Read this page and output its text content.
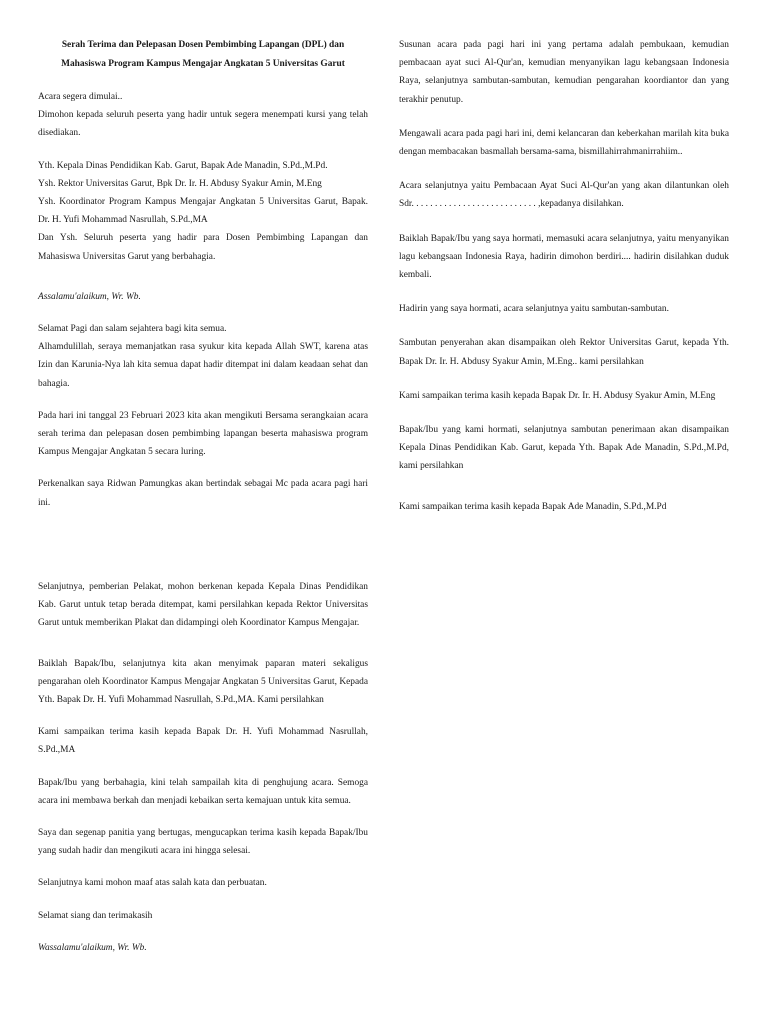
Serah Terima dan Pelepasan Dosen Pembimbing Lapangan (DPL) dan Mahasiswa Program Kampus Mengajar Angkatan 5 Universitas Garut

Acara segera dimulai..

Dimohon kepada seluruh peserta yang hadir untuk segera menempati kursi yang telah disediakan.

Yth. Kepala Dinas Pendidikan Kab. Garut, Bapak Ade Manadin, S.Pd.,M.Pd.

Ysh. Rektor Universitas Garut, Bpk Dr. Ir. H. Abdusy Syakur Amin, M.Eng

Ysh. Koordinator Program Kampus Mengajar Angkatan 5 Universitas Garut, Bapak. Dr. H. Yufi Mohammad Nasrullah, S.Pd.,MA

Dan Ysh. Seluruh peserta yang hadir para Dosen Pembimbing Lapangan dan Mahasiswa Universitas Garut yang berbahagia.

Assalamu'alaikum, Wr. Wb.

Selamat Pagi dan salam sejahtera bagi kita semua.

Alhamdulillah, seraya memanjatkan rasa syukur kita kepada Allah SWT, karena atas Izin dan Karunia-Nya lah kita semua dapat hadir ditempat ini dalam keadaan sehat dan bahagia.

Pada hari ini tanggal 23 Februari 2023 kita akan mengikuti Bersama serangkaian acara serah terima dan pelepasan dosen pembimbing lapangan beserta mahasiswa program Kampus Mengajar Angkatan 5 secara luring.

Perkenalkan saya Ridwan Pamungkas akan bertindak sebagai Mc pada acara pagi hari ini.

Selanjutnya, pemberian Pelakat, mohon berkenan kepada Kepala Dinas Pendidikan Kab. Garut untuk tetap berada ditempat, kami persilahkan kepada Rektor Universitas Garut untuk memberikan Plakat dan didampingi oleh Koordinator Kampus Mengajar.

Baiklah Bapak/Ibu, selanjutnya kita akan menyimak paparan materi sekaligus pengarahan oleh Koordinator Kampus Mengajar Angkatan 5 Universitas Garut, Kepada Yth. Bapak Dr. H. Yufi Mohammad Nasrullah, S.Pd.,MA. Kami persilahkan

Kami sampaikan terima kasih kepada Bapak Dr. H. Yufi Mohammad Nasrullah, S.Pd.,MA

Bapak/Ibu yang berbahagia, kini telah sampailah kita di penghujung acara. Semoga acara ini membawa berkah dan menjadi kebaikan serta kemajuan untuk kita semua.

Saya dan segenap panitia yang bertugas, mengucapkan terima kasih kepada Bapak/Ibu yang sudah hadir dan mengikuti acara ini hingga selesai.

Selanjutnya kami mohon maaf atas salah kata dan perbuatan.

Selamat siang dan terimakasih

Wassalamu'alaikum, Wr. Wb.

Susunan acara pada pagi hari ini yang pertama adalah pembukaan, kemudian pembacaan ayat suci Al-Qur'an, kemudian menyanyikan lagu kebangsaan Indonesia Raya, selanjutnya sambutan-sambutan, kemudian pengarahan koordiantor dan yang terakhir penutup.

Mengawali acara pada pagi hari ini, demi kelancaran dan keberkahan marilah kita buka dengan membacakan basmallah bersama-sama, bismillahirrahmanirrahiim..

Acara selanjutnya yaitu Pembacaan Ayat Suci Al-Qur'an yang akan dilantunkan oleh Sdr. . . . . . . . . . . . . . . . . . . . . . . . . . . ,kepadanya disilahkan.

Baiklah Bapak/Ibu yang saya hormati, memasuki acara selanjutnya, yaitu menyanyikan lagu kebangsaan Indonesia Raya, hadirin dimohon berdiri.... hadirin disilahkan duduk kembali.

Hadirin yang saya hormati, acara selanjutnya yaitu sambutan-sambutan.

Sambutan penyerahan akan disampaikan oleh Rektor Universitas Garut, kepada Yth. Bapak Dr. Ir. H. Abdusy Syakur Amin, M.Eng.. kami persilahkan

Kami sampaikan terima kasih kepada Bapak Dr. Ir. H. Abdusy Syakur Amin, M.Eng

Bapak/Ibu yang kami hormati, selanjutnya sambutan penerimaan akan disampaikan Kepala Dinas Pendidikan Kab. Garut, kepada Yth. Bapak Ade Manadin, S.Pd.,M.Pd, kami persilahkan

Kami sampaikan terima kasih kepada Bapak Ade Manadin, S.Pd.,M.Pd
